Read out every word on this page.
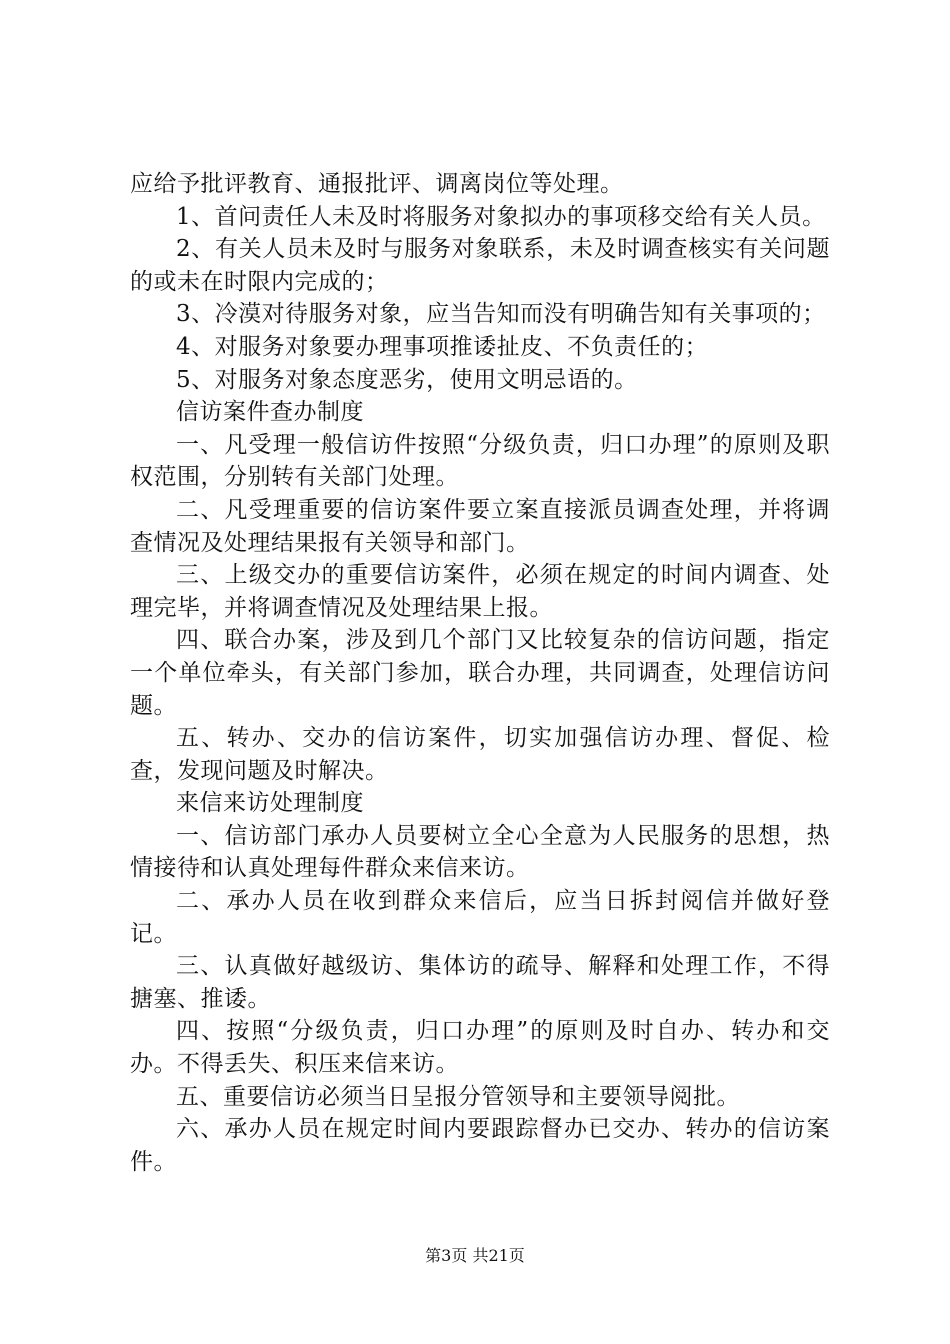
应给予批评教育、通报批评、调离岗位等处理。

1、首问责任人未及时将服务对象拟办的事项移交给有关人员。

2、有关人员未及时与服务对象联系，未及时调查核实有关问题的或未在时限内完成的；

3、冷漠对待服务对象，应当告知而没有明确告知有关事项的；

4、对服务对象要办理事项推诿扯皮、不负责任的；

5、对服务对象态度恶劣，使用文明忌语的。

信访案件查办制度

一、凡受理一般信访件按照“分级负责，归口办理”的原则及职权范围，分别转有关部门处理。

二、凡受理重要的信访案件要立案直接派员调查处理，并将调查情况及处理结果报有关领导和部门。

三、上级交办的重要信访案件，必须在规定的时间内调查、处理完毕，并将调查情况及处理结果上报。

四、联合办案，涉及到几个部门又比较复杂的信访问题，指定一个单位牵头，有关部门参加，联合办理，共同调查，处理信访问题。

五、转办、交办的信访案件，切实加强信访办理、督促、检查，发现问题及时解决。

来信来访处理制度

一、信访部门承办人员要树立全心全意为人民服务的思想，热情接待和认真处理每件群众来信来访。

二、承办人员在收到群众来信后，应当日拆封阅信并做好登记。

三、认真做好越级访、集体访的疏导、解释和处理工作，不得搪塞、推诿。

四、按照“分级负责，归口办理”的原则及时自办、转办和交办。不得丢失、积压来信来访。

五、重要信访必须当日呈报分管领导和主要领导阅批。

六、承办人员在规定时间内要跟踪督办已交办、转办的信访案件。

第3页 共21页
